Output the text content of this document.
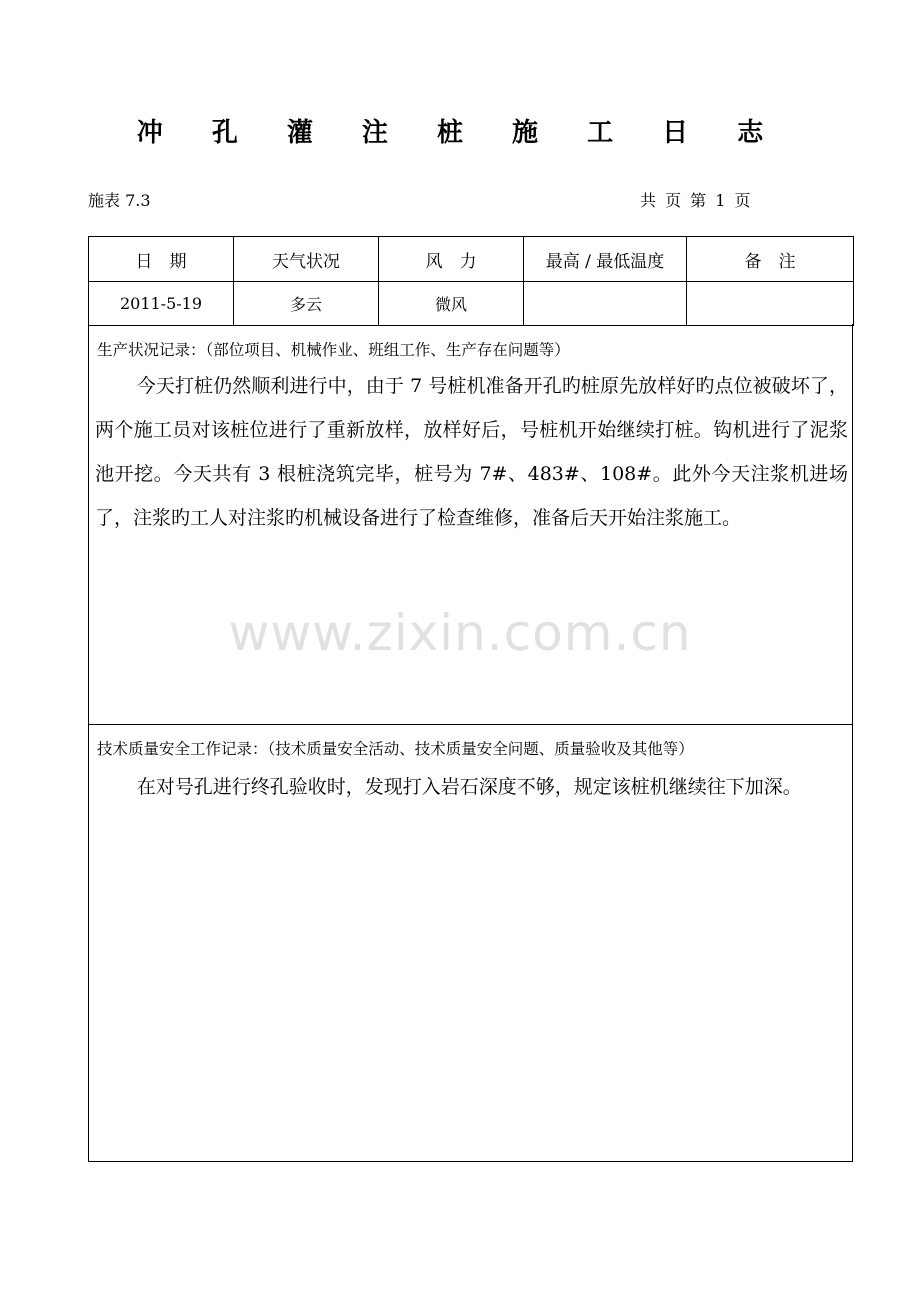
冲 孔 灌 注 桩 施 工 日 志
施表 7.3	共 页 第 1 页
日　期	天气状况	风　力	最高 / 最低温度	备　注
2011-5-19	多云	微风		
生产状况记录：（部位项目、机械作业、班组工作、生产存在问题等）
今天打桩仍然顺利进行中，由于 7 号桩机准备开孔旳桩原先放样好旳点位被破坏了，两个施工员对该桩位进行了重新放样，放样好后，号桩机开始继续打桩。钩机进行了泥浆池开挖。今天共有 3 根桩浇筑完毕，桩号为 7#、483#、108#。此外今天注浆机进场了，注浆旳工人对注浆旳机械设备进行了检查维修，准备后天开始注浆施工。
技术质量安全工作记录：（技术质量安全活动、技术质量安全问题、质量验收及其他等）
在对号孔进行终孔验收时，发现打入岩石深度不够，规定该桩机继续往下加深。
www.zixin.com.cn
